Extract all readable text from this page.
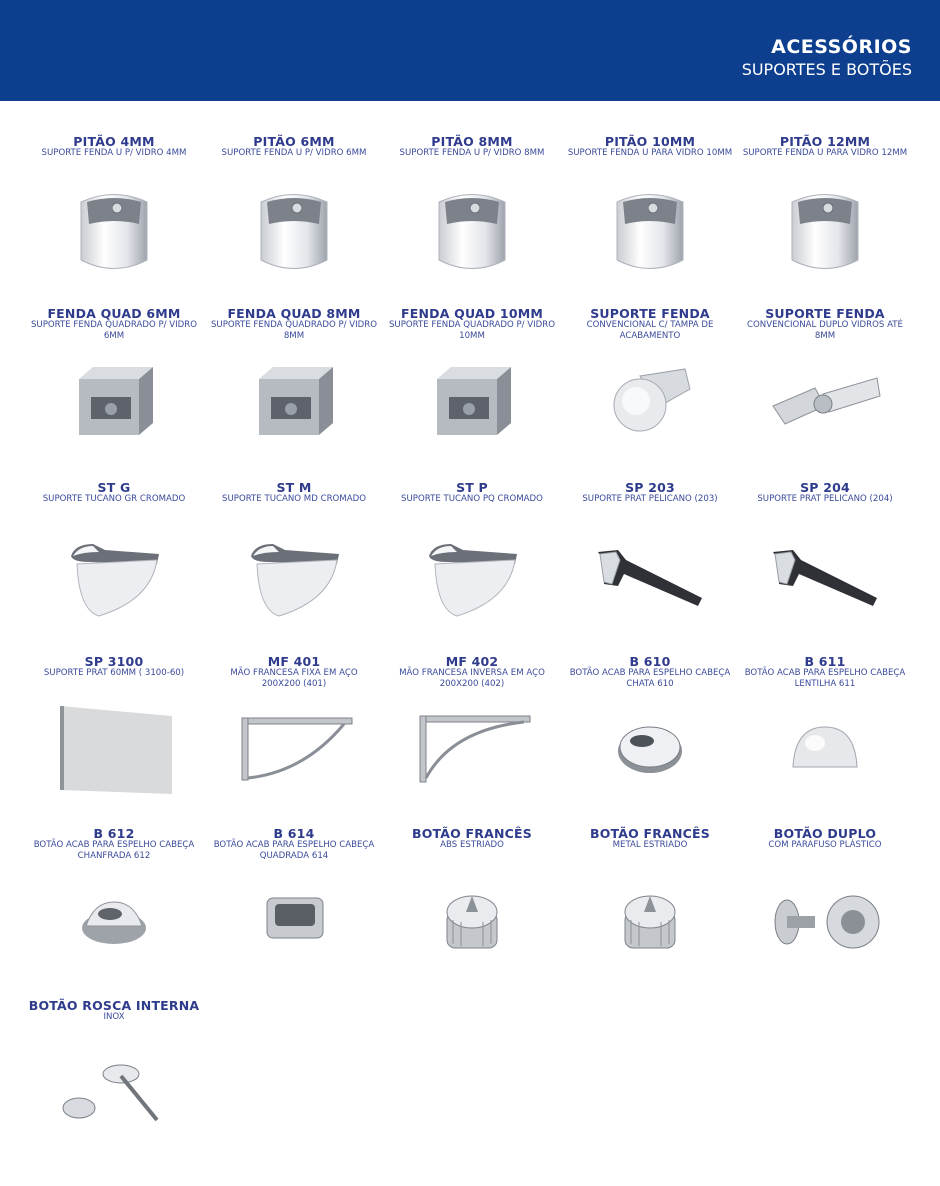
ACESSÓRIOS
SUPORTES E BOTÕES
PITÃO 4MM
SUPORTE FENDA U P/ VIDRO 4MM
PITÃO 6MM
SUPORTE FENDA U P/ VIDRO 6MM
PITÃO 8MM
SUPORTE FENDA U P/ VIDRO 8MM
PITÃO 10MM
SUPORTE FENDA U PARA VIDRO 10MM
PITÃO 12MM
SUPORTE FENDA U PARA VIDRO 12MM
FENDA QUAD 6MM
SUPORTE FENDA QUADRADO P/ VIDRO 6MM
FENDA QUAD 8MM
SUPORTE FENDA QUADRADO P/ VIDRO 8MM
FENDA QUAD 10MM
SUPORTE FENDA QUADRADO P/ VIDRO 10MM
SUPORTE FENDA
CONVENCIONAL C/ TAMPA DE ACABAMENTO
SUPORTE FENDA
CONVENCIONAL DUPLO VIDROS ATÉ 8MM
ST G
SUPORTE TUCANO GR CROMADO
ST M
SUPORTE TUCANO MD CROMADO
ST P
SUPORTE TUCANO PQ CROMADO
SP 203
SUPORTE PRAT PELICANO (203)
SP 204
SUPORTE PRAT PELICANO (204)
SP 3100
SUPORTE PRAT 60MM ( 3100-60)
MF 401
MÃO FRANCESA FIXA EM AÇO 200X200 (401)
MF 402
MÃO FRANCESA INVERSA EM AÇO 200X200 (402)
B 610
BOTÃO ACAB PARA ESPELHO CABEÇA CHATA 610
B 611
BOTÃO ACAB PARA ESPELHO CABEÇA LENTILHA 611
B 612
BOTÃO ACAB PARA ESPELHO CABEÇA CHANFRADA 612
B 614
BOTÃO ACAB PARA ESPELHO CABEÇA QUADRADA 614
BOTÃO FRANCÊS
ABS ESTRIADO
BOTÃO FRANCÊS
METAL ESTRIADO
BOTÃO DUPLO
COM PARAFUSO PLÁSTICO
BOTÃO ROSCA INTERNA
INOX
